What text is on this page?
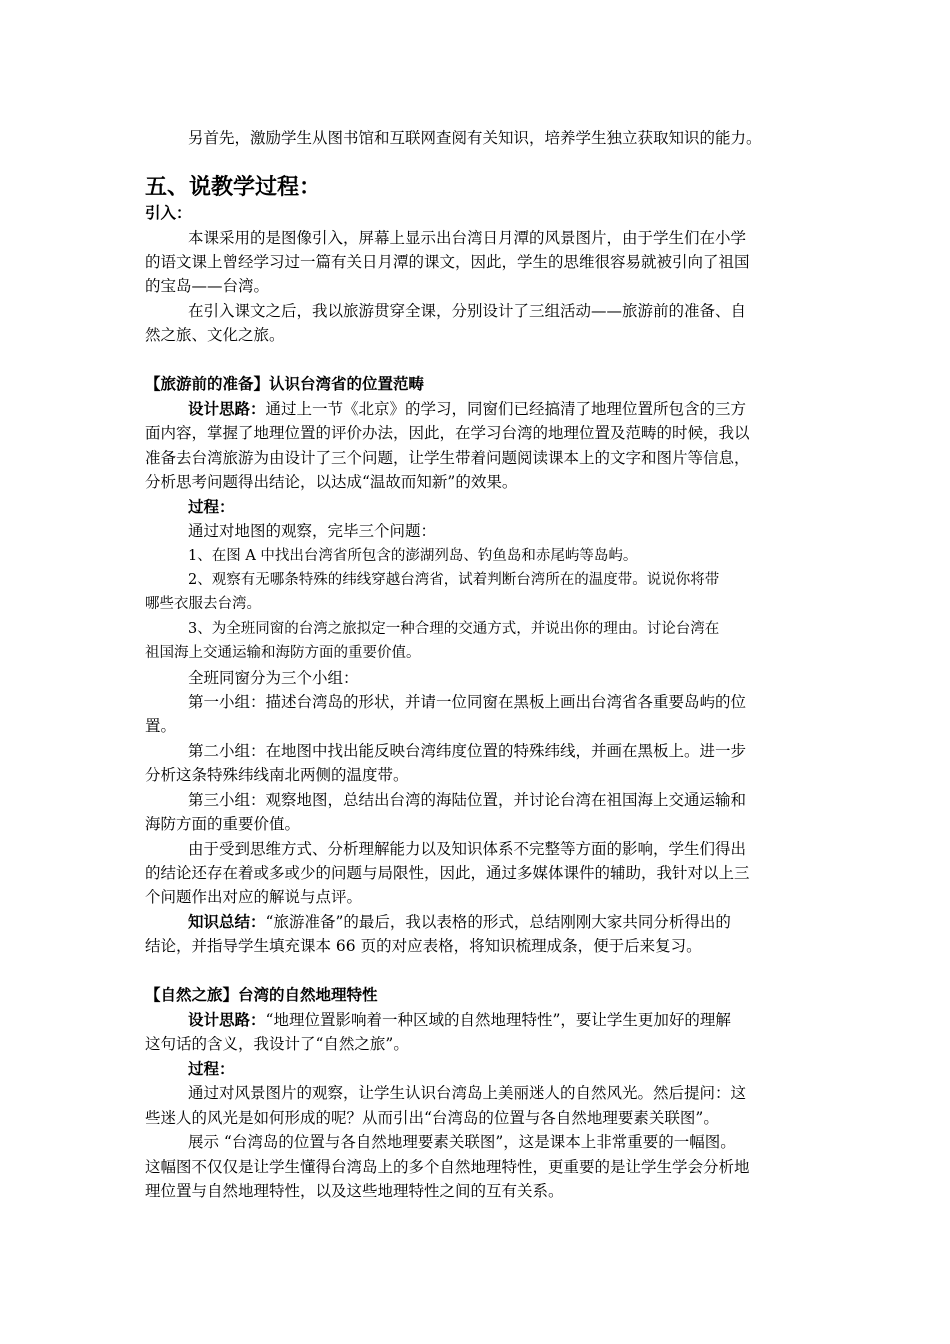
另首先，激励学生从图书馆和互联网查阅有关知识，培养学生独立获取知识的能力。
五、说教学过程：
引入：
本课采用的是图像引入，屏幕上显示出台湾日月潭的风景图片，由于学生们在小学
的语文课上曾经学习过一篇有关日月潭的课文，因此，学生的思维很容易就被引向了祖国
的宝岛——台湾。
在引入课文之后，我以旅游贯穿全课，分别设计了三组活动——旅游前的准备、自
然之旅、文化之旅。
【旅游前的准备】认识台湾省的位置范畴
设计思路：通过上一节《北京》的学习，同窗们已经搞清了地理位置所包含的三方
面内容，掌握了地理位置的评价办法，因此，在学习台湾的地理位置及范畴的时候，我以
准备去台湾旅游为由设计了三个问题，让学生带着问题阅读课本上的文字和图片等信息，
分析思考问题得出结论，以达成“温故而知新”的效果。
过程：
通过对地图的观察，完毕三个问题：
1、在图 A 中找出台湾省所包含的澎湖列岛、钓鱼岛和赤尾屿等岛屿。
2、观察有无哪条特殊的纬线穿越台湾省，试着判断台湾所在的温度带。说说你将带
哪些衣服去台湾。
3、为全班同窗的台湾之旅拟定一种合理的交通方式，并说出你的理由。讨论台湾在
祖国海上交通运输和海防方面的重要价值。
全班同窗分为三个小组：
第一小组：描述台湾岛的形状，并请一位同窗在黑板上画出台湾省各重要岛屿的位
置。
第二小组：在地图中找出能反映台湾纬度位置的特殊纬线，并画在黑板上。进一步
分析这条特殊纬线南北两侧的温度带。
第三小组：观察地图，总结出台湾的海陆位置，并讨论台湾在祖国海上交通运输和
海防方面的重要价值。
由于受到思维方式、分析理解能力以及知识体系不完整等方面的影响，学生们得出
的结论还存在着或多或少的问题与局限性，因此，通过多媒体课件的辅助，我针对以上三
个问题作出对应的解说与点评。
知识总结：“旅游准备”的最后，我以表格的形式，总结刚刚大家共同分析得出的
结论，并指导学生填充课本 66 页的对应表格，将知识梳理成条，便于后来复习。
【自然之旅】台湾的自然地理特性
设计思路：“地理位置影响着一种区域的自然地理特性”，要让学生更加好的理解
这句话的含义，我设计了“自然之旅”。
过程：
通过对风景图片的观察，让学生认识台湾岛上美丽迷人的自然风光。然后提问：这
些迷人的风光是如何形成的呢？从而引出“台湾岛的位置与各自然地理要素关联图”。
展示 “台湾岛的位置与各自然地理要素关联图”，这是课本上非常重要的一幅图。
这幅图不仅仅是让学生懂得台湾岛上的多个自然地理特性，更重要的是让学生学会分析地
理位置与自然地理特性，以及这些地理特性之间的互有关系。
